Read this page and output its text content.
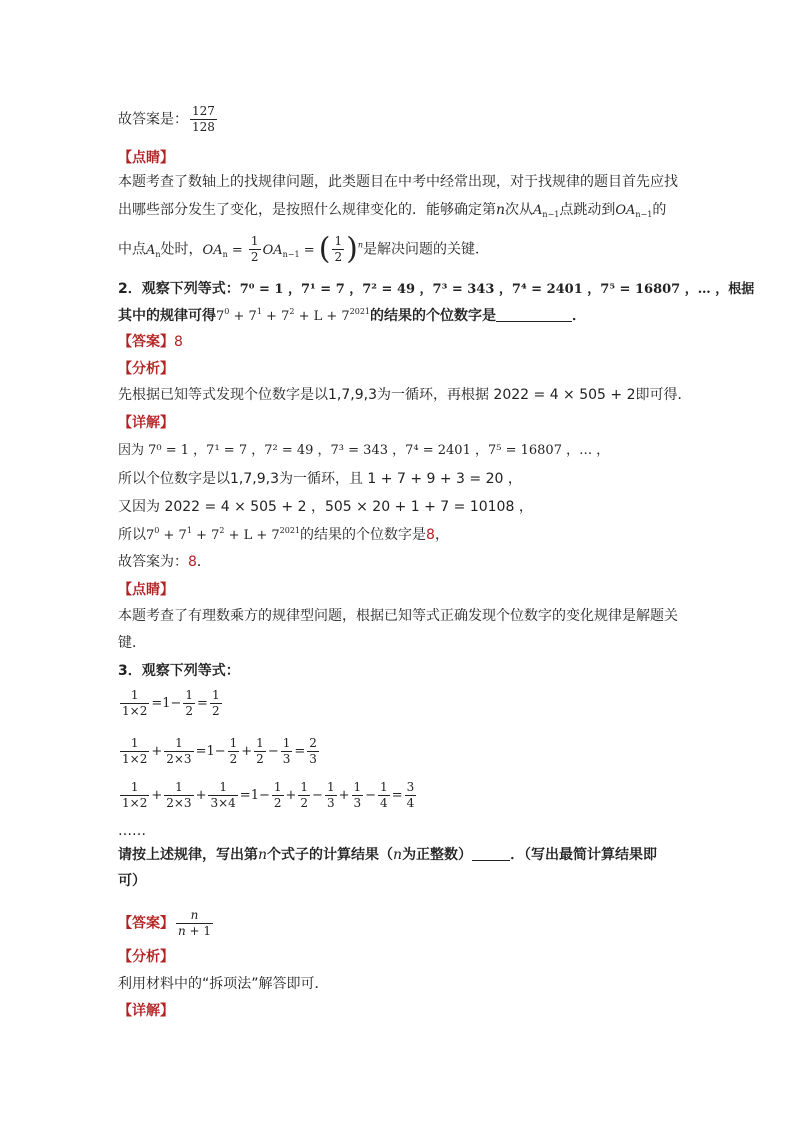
故答案是： $\frac{127}{128}$
【点睛】
本题考查了数轴上的找规律问题，此类题目在中考中经常出现，对于找规律的题目首先应找
出哪些部分发生了变化，是按照什么规律变化的．能够确定第n次从$A_{n-1}$点跳动到$OA_{n-1}$的
中点$A_n$处时，$OA_n = \frac{1}{2} OA_{n-1}$ = ( $\frac{1}{2} )^n$是解决问题的关键．
2．观察下列等式：7⁰ = 1 ，7¹ = 7 ，7² = 49 ，7³ = 343 ，7⁴ = 2401 ，7⁵ = 16807 ，… ，根据
其中的规律可得$7^0 + 7^1 + 7^2 + L + 7^{2021}$的结果的个位数字是	．
【答案】8
【分析】
先根据已知等式发现个位数字是以1,7,9,3为一循环，再根据 2022 = 4 × 505 + 2即可得．
【详解】
因为 7⁰ = 1 ，7¹ = 7 ，7² = 49 ，7³ = 343 ，7⁴ = 2401 ，7⁵ = 16807 ，… ，
所以个位数字是以1,7,9,3为一循环，且 1 + 7 + 9 + 3 = 20 ，
又因为 2022 = 4 × 505 + 2 ，505 × 20 + 1 + 7 = 10108 ，
所以$7^0 + 7^1 + 7^2 + L + 7^{2021}$的结果的个位数字是8，
故答案为：8．
【点睛】
本题考查了有理数乘方的规律型问题，根据已知等式正确发现个位数字的变化规律是解题关
键．
3．观察下列等式：
$\frac{1}{1\times 2} =1- \frac{1}{2} = \frac{1}{2}$
$\frac{1}{1\times 2} + \frac{1}{2\times 3} =1- \frac{1}{2} + \frac{1}{2} - \frac{1}{3} = \frac{2}{3}$
$\frac{1}{1\times 2} + \frac{1}{2\times 3} + \frac{1}{3\times 4} =1- \frac{1}{2} + \frac{1}{2} - \frac{1}{3} + \frac{1}{3} - \frac{1}{4} = \frac{3}{4}$
……
请按上述规律，写出第n个式子的计算结果（n为正整数）	．（写出最简计算结果即
可）
【答案】 $\frac{n}{n + 1}$
【分析】
利用材料中的“拆项法”解答即可．
【详解】
